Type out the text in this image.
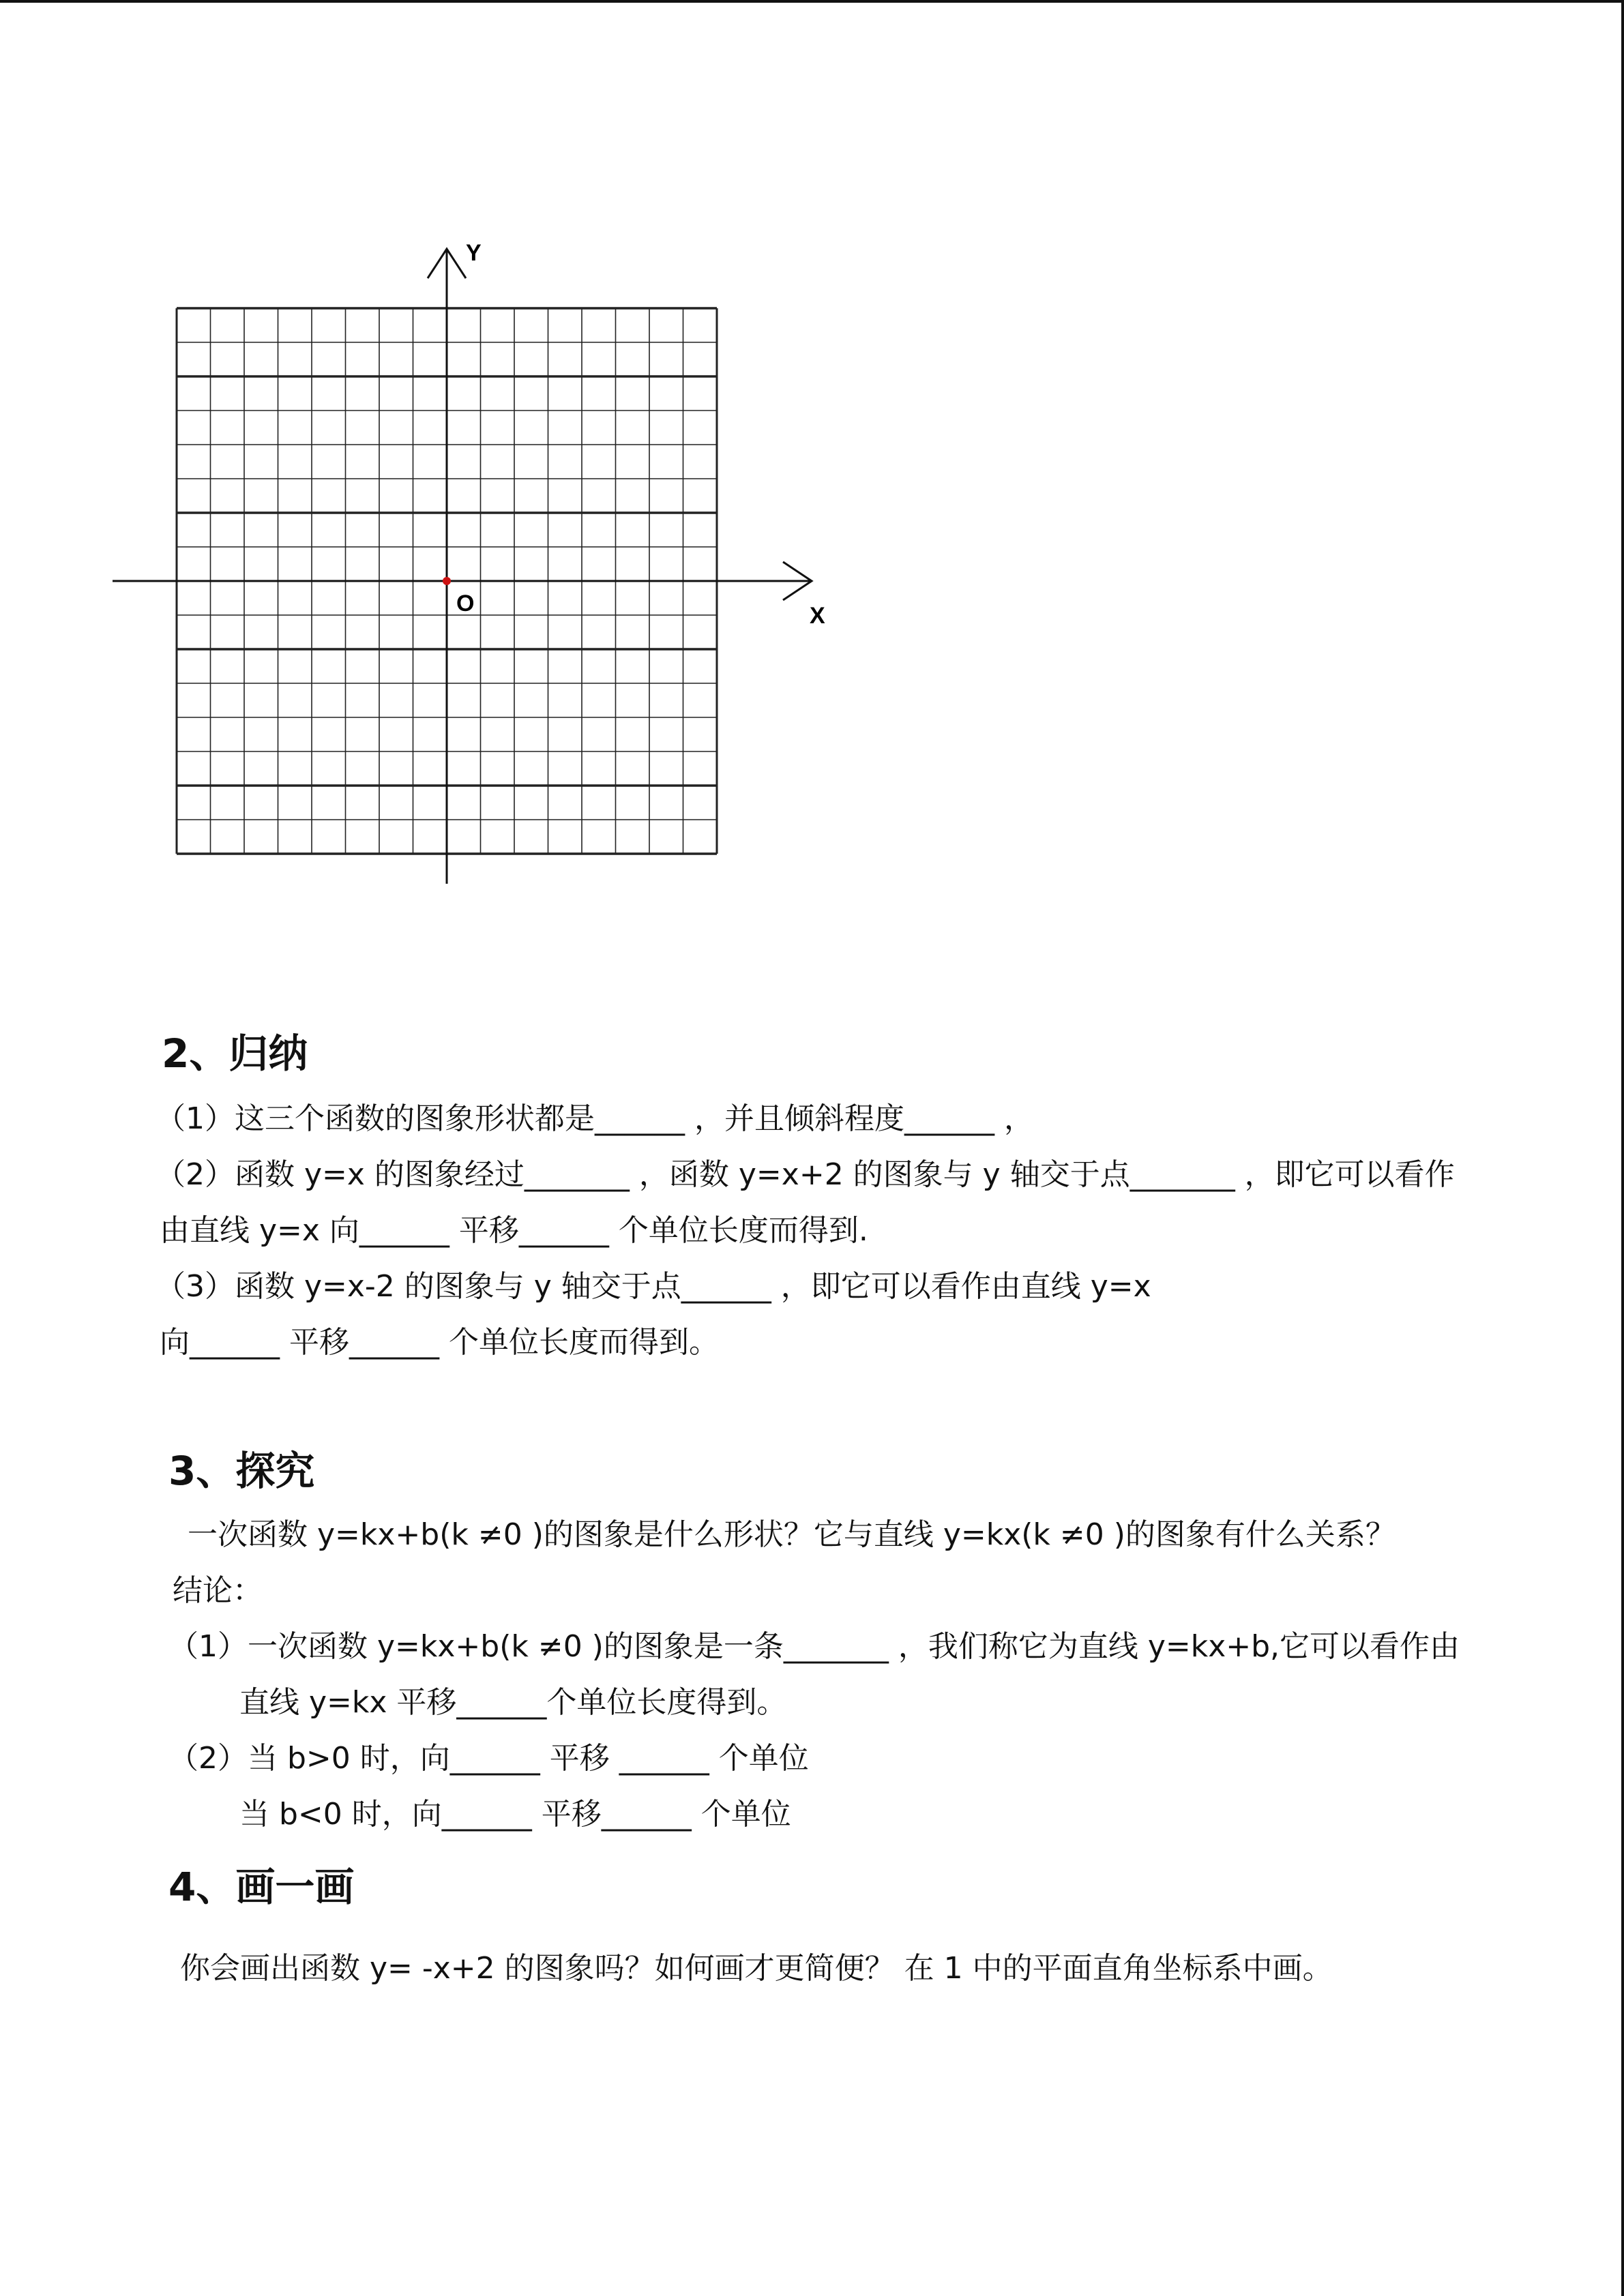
Y
X
O
2、归纳

（1）这三个函数的图象形状都是______ ，并且倾斜程度______ ，

（2）函数 y=x 的图象经过_______ ，函数 y=x+2 的图象与 y 轴交于点_______ ，即它可以看作

由直线 y=x 向______ 平移______ 个单位长度而得到.

（3）函数 y=x-2 的图象与 y 轴交于点______ ，即它可以看作由直线 y=x

向______ 平移______ 个单位长度而得到。

3、探究

一次函数 y=kx+b(k ≠0 )的图象是什么形状？它与直线 y=kx(k ≠0 )的图象有什么关系？

结论：

（1）一次函数 y=kx+b(k ≠0 )的图象是一条_______ ，我们称它为直线 y=kx+b,它可以看作由

直线 y=kx 平移______个单位长度得到。

（2）当 b>0 时，向______ 平移 ______ 个单位

当 b<0 时，向______ 平移______ 个单位

4、画一画

你会画出函数 y= -x+2 的图象吗？如何画才更简便？ 在 1 中的平面直角坐标系中画。
